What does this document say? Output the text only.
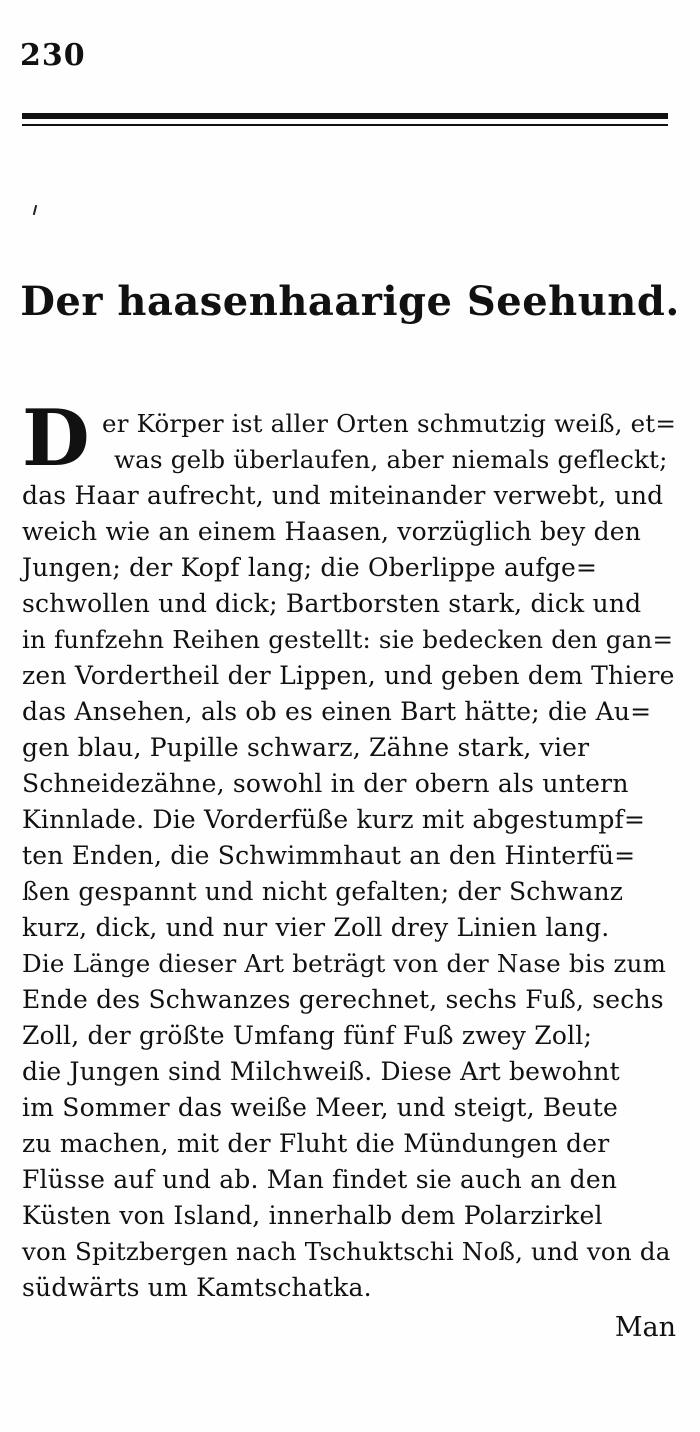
230
Der haasenhaarige Seehund.
D er Körper ist aller Orten schmutzig weiß, et=
was gelb überlaufen, aber niemals gefleckt;
das Haar aufrecht, und miteinander verwebt, und
weich wie an einem Haasen, vorzüglich bey den
Jungen; der Kopf lang; die Oberlippe aufge=
schwollen und dick; Bartborsten stark, dick und
in funfzehn Reihen gestellt: sie bedecken den gan=
zen Vordertheil der Lippen, und geben dem Thiere
das Ansehen, als ob es einen Bart hätte; die Au=
gen blau, Pupille schwarz, Zähne stark, vier
Schneidezähne, sowohl in der obern als untern
Kinnlade. Die Vorderfüße kurz mit abgestumpf=
ten Enden, die Schwimmhaut an den Hinterfü=
ßen gespannt und nicht gefalten; der Schwanz
kurz, dick, und nur vier Zoll drey Linien lang.
Die Länge dieser Art beträgt von der Nase bis zum
Ende des Schwanzes gerechnet, sechs Fuß, sechs
Zoll, der größte Umfang fünf Fuß zwey Zoll;
die Jungen sind Milchweiß. Diese Art bewohnt
im Sommer das weiße Meer, und steigt, Beute
zu machen, mit der Fluht die Mündungen der
Flüsse auf und ab. Man findet sie auch an den
Küsten von Island, innerhalb dem Polarzirkel
von Spitzbergen nach Tschuktschi Noß, und von da
südwärts um Kamtschatka.
Man
